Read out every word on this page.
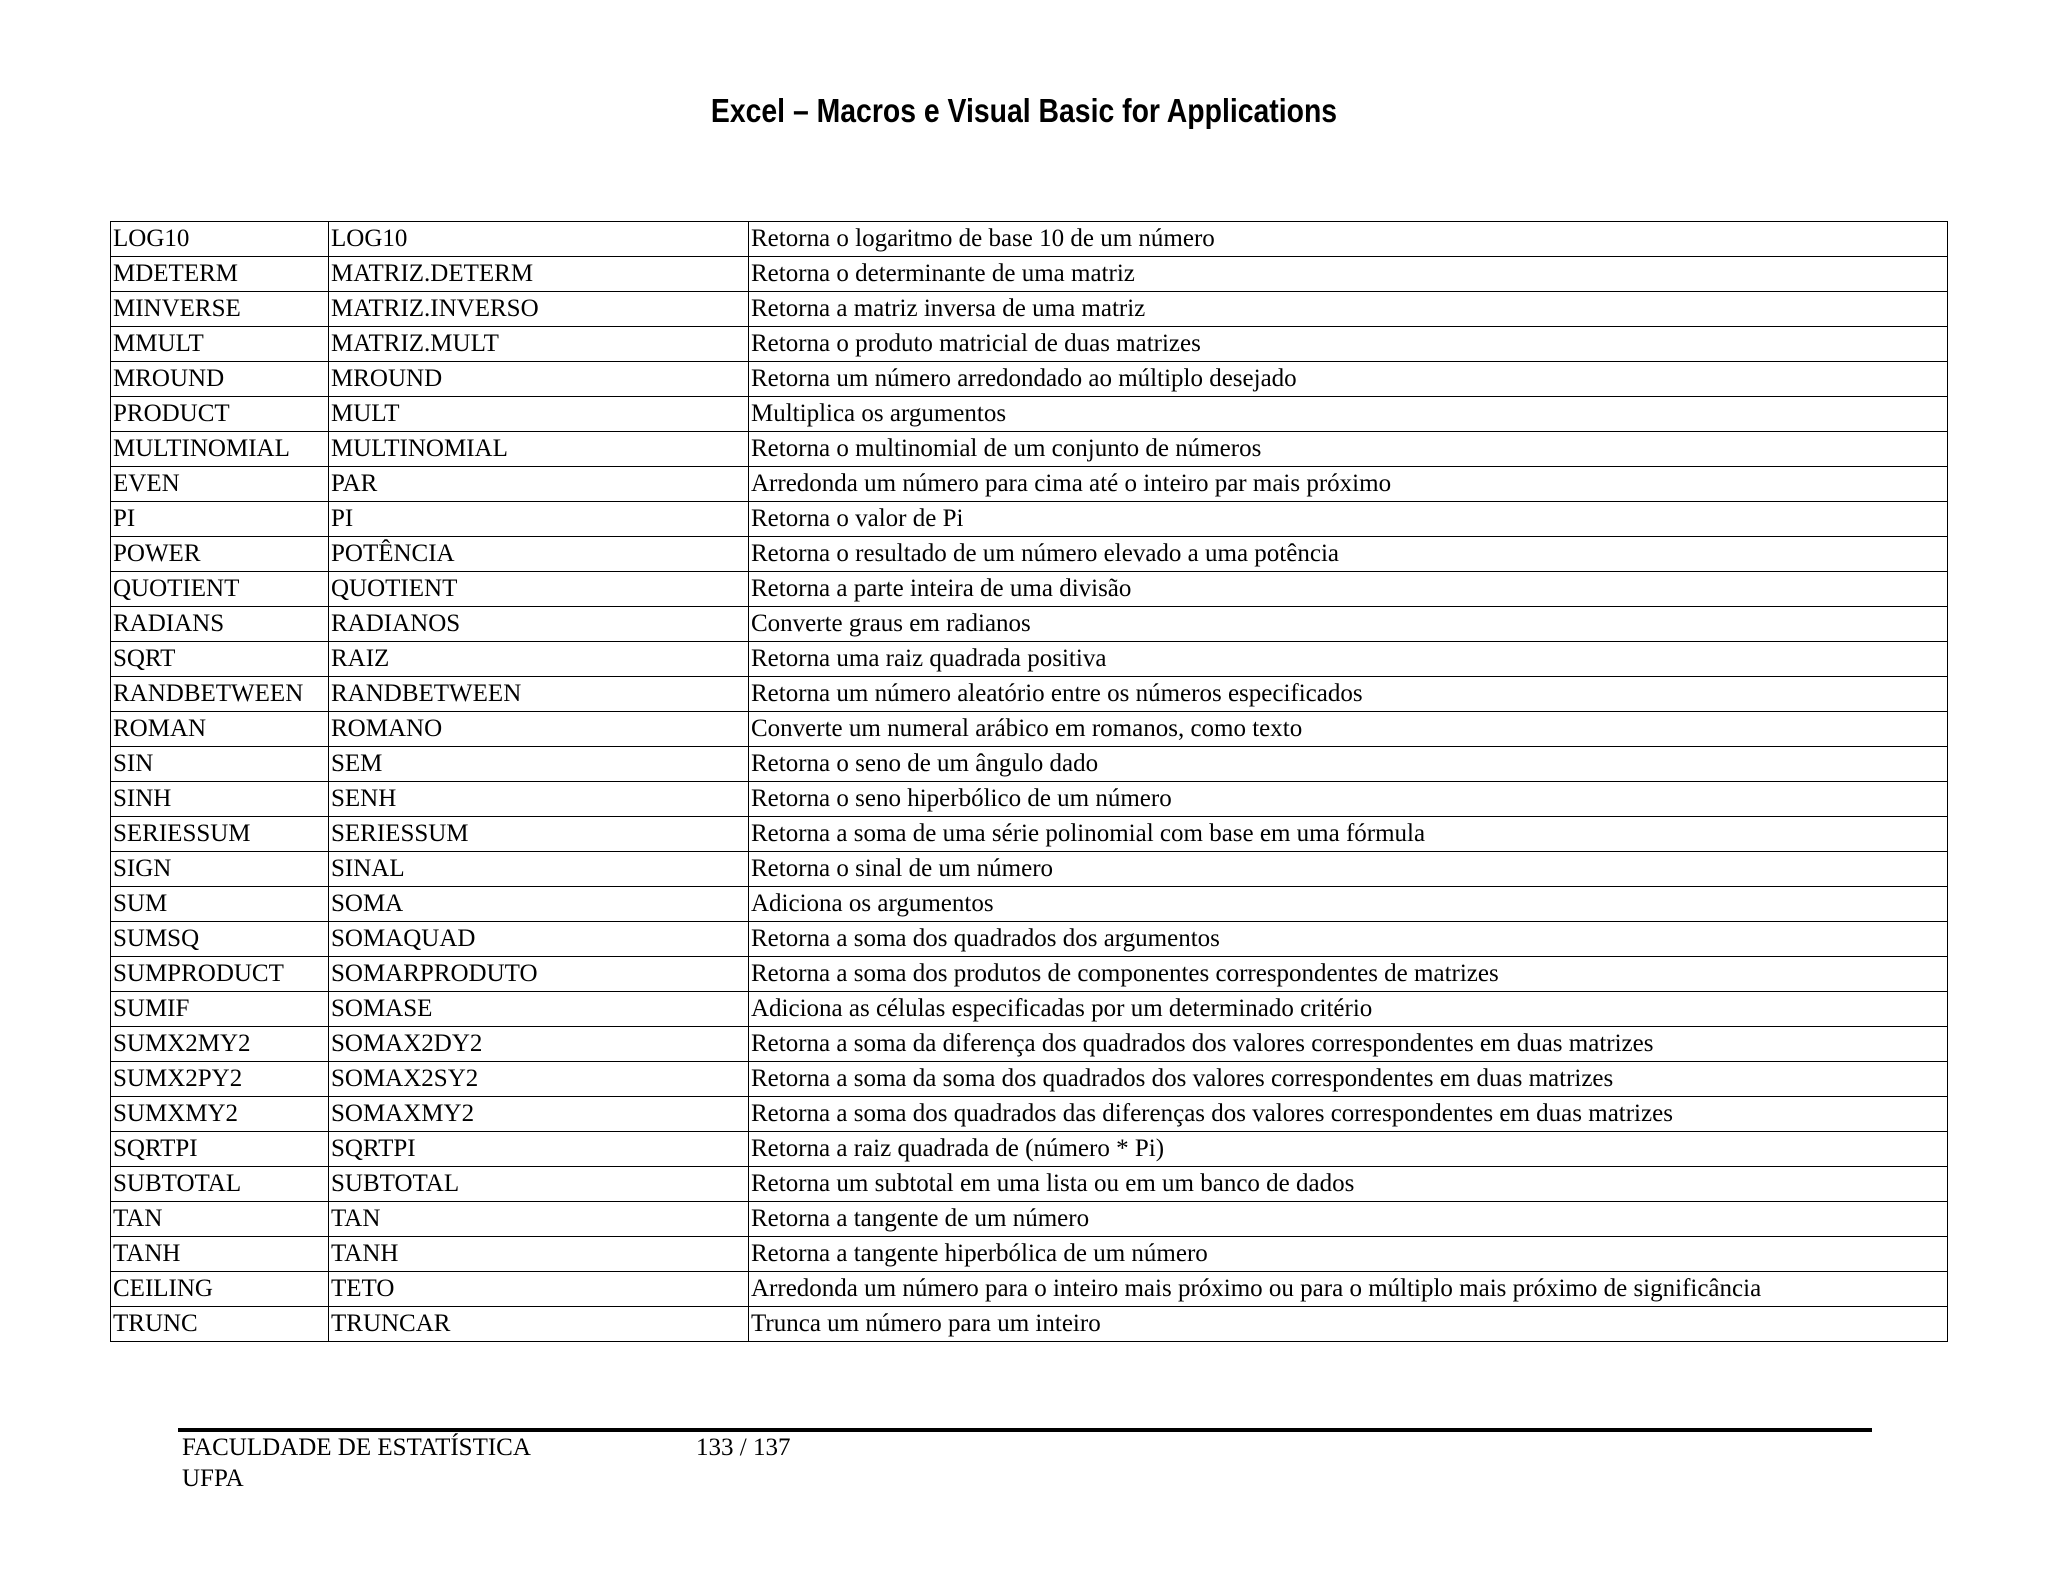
Excel – Macros e Visual Basic for Applications
LOG10	LOG10	Retorna o logaritmo de base 10 de um número
MDETERM	MATRIZ.DETERM	Retorna o determinante de uma matriz
MINVERSE	MATRIZ.INVERSO	Retorna a matriz inversa de uma matriz
MMULT	MATRIZ.MULT	Retorna o produto matricial de duas matrizes
MROUND	MROUND	Retorna um número arredondado ao múltiplo desejado
PRODUCT	MULT	Multiplica os argumentos
MULTINOMIAL	MULTINOMIAL	Retorna o multinomial de um conjunto de números
EVEN	PAR	Arredonda um número para cima até o inteiro par mais próximo
PI	PI	Retorna o valor de Pi
POWER	POTÊNCIA	Retorna o resultado de um número elevado a uma potência
QUOTIENT	QUOTIENT	Retorna a parte inteira de uma divisão
RADIANS	RADIANOS	Converte graus em radianos
SQRT	RAIZ	Retorna uma raiz quadrada positiva
RANDBETWEEN	RANDBETWEEN	Retorna um número aleatório entre os números especificados
ROMAN	ROMANO	Converte um numeral arábico em romanos, como texto
SIN	SEM	Retorna o seno de um ângulo dado
SINH	SENH	Retorna o seno hiperbólico de um número
SERIESSUM	SERIESSUM	Retorna a soma de uma série polinomial com base em uma fórmula
SIGN	SINAL	Retorna o sinal de um número
SUM	SOMA	Adiciona os argumentos
SUMSQ	SOMAQUAD	Retorna a soma dos quadrados dos argumentos
SUMPRODUCT	SOMARPRODUTO	Retorna a soma dos produtos de componentes correspondentes de matrizes
SUMIF	SOMASE	Adiciona as células especificadas por um determinado critério
SUMX2MY2	SOMAX2DY2	Retorna a soma da diferença dos quadrados dos valores correspondentes em duas matrizes
SUMX2PY2	SOMAX2SY2	Retorna a soma da soma dos quadrados dos valores correspondentes em duas matrizes
SUMXMY2	SOMAXMY2	Retorna a soma dos quadrados das diferenças dos valores correspondentes em duas matrizes
SQRTPI	SQRTPI	Retorna a raiz quadrada de (número * Pi)
SUBTOTAL	SUBTOTAL	Retorna um subtotal em uma lista ou em um banco de dados
TAN	TAN	Retorna a tangente de um número
TANH	TANH	Retorna a tangente hiperbólica de um número
CEILING	TETO	Arredonda um número para o inteiro mais próximo ou para o múltiplo mais próximo de significância
TRUNC	TRUNCAR	Trunca um número para um inteiro
FACULDADE DE ESTATÍSTICA
UFPA
133 / 137
